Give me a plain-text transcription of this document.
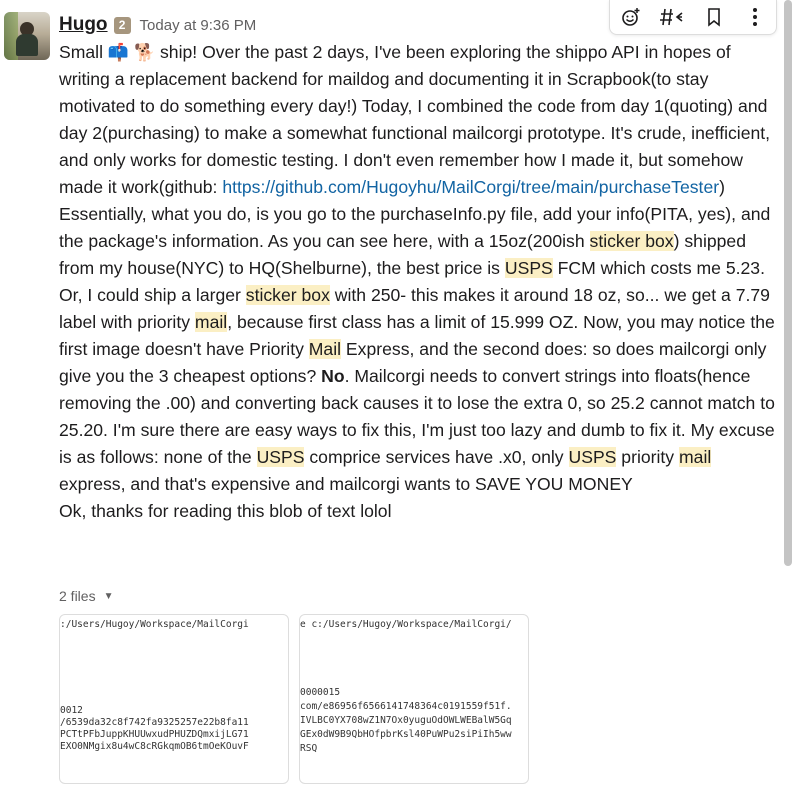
Hugo 2 Today at 9:36 PM
Small 📫 🐕 ship! Over the past 2 days, I've been exploring the shippo API in hopes of writing a replacement backend for maildog and documenting it in Scrapbook(to stay motivated to do something every day!) Today, I combined the code from day 1(quoting) and day 2(purchasing) to make a somewhat functional mailcorgi prototype. It's crude, inefficient, and only works for domestic testing. I don't even remember how I made it, but somehow made it work(github: https://github.com/Hugoyhu/MailCorgi/tree/main/purchaseTester)
Essentially, what you do, is you go to the purchaseInfo.py file, add your info(PITA, yes), and the package's information. As you can see here, with a 15oz(200ish sticker box) shipped from my house(NYC) to HQ(Shelburne), the best price is USPS FCM which costs me 5.23. Or, I could ship a larger sticker box with 250- this makes it around 18 oz, so... we get a 7.79 label with priority mail, because first class has a limit of 15.999 OZ. Now, you may notice the first image doesn't have Priority Mail Express, and the second does: so does mailcorgi only give you the 3 cheapest options? No. Mailcorgi needs to convert strings into floats(hence removing the .00) and converting back causes it to lose the extra 0, so 25.2 cannot match to 25.20. I'm sure there are easy ways to fix this, I'm just too lazy and dumb to fix it. My excuse is as follows: none of the USPS comprice services have .x0, only USPS priority mail express, and that's expensive and mailcorgi wants to SAVE YOU MONEY
Ok, thanks for reading this blob of text lolol
2 files ▼
:/Users/Hugoy/Workspace/MailCorgi
0012
/6539da32c8f742fa9325257e22b8fa11
PCTtPFbJuppKHUUwxudPHUZDQmxijLG71
EXO0NMgix8u4wC8cRGkqmOB6tmOeKOuvF
e c:/Users/Hugoy/Workspace/MailCorgi/
0000015
com/e86956f6566141748364c0191559f51f.
IVLBC0YX708wZ1N7Ox0yuguOdOWLWEBalW5Gq
GEx0dW9B9QbHOfpbrKsl40PuWPu2siPiIh5ww
RSQ
